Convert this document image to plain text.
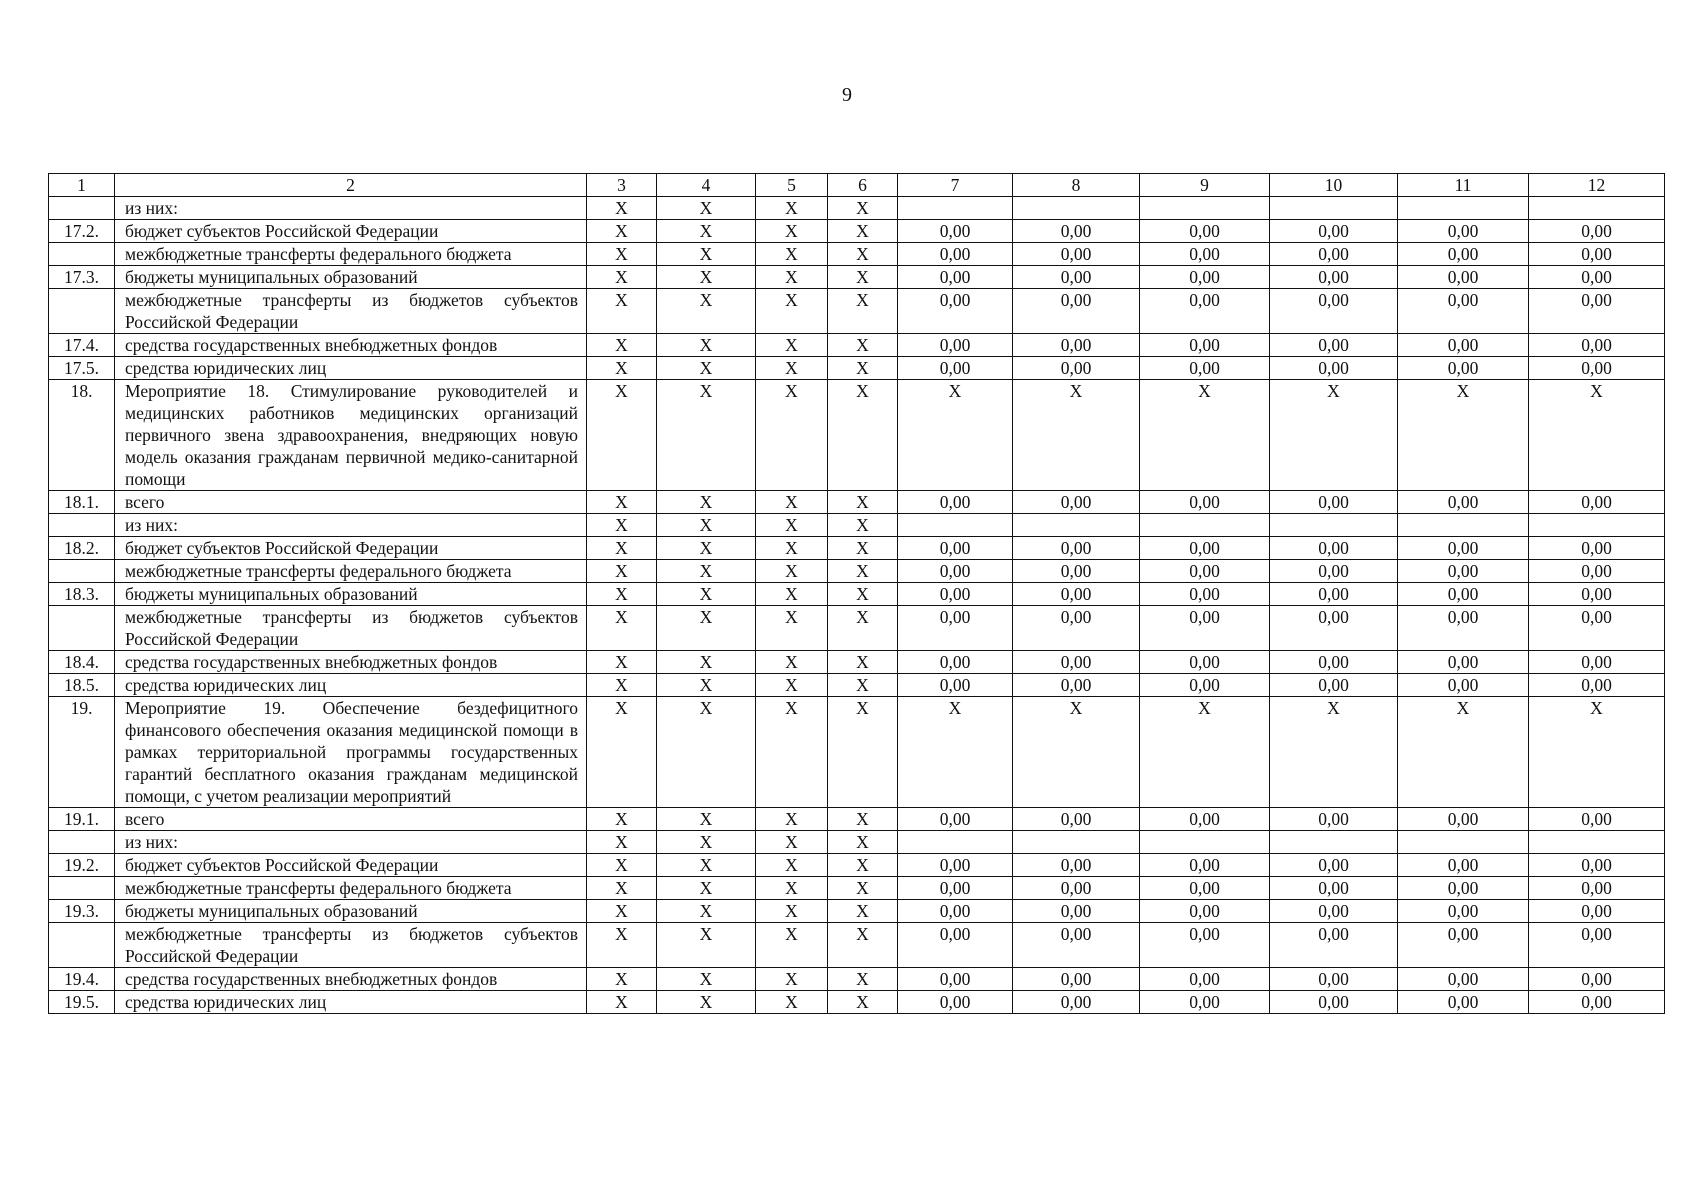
9
1	2	3	4	5	6	7	8	9	10	11	12
	из них:	X	X	X	X						
17.2.	бюджет субъектов Российской Федерации	X	X	X	X	0,00	0,00	0,00	0,00	0,00	0,00
	межбюджетные трансферты федерального бюджета	X	X	X	X	0,00	0,00	0,00	0,00	0,00	0,00
17.3.	бюджеты муниципальных образований	X	X	X	X	0,00	0,00	0,00	0,00	0,00	0,00
	межбюджетные трансферты из бюджетов субъектов Российской Федерации	X	X	X	X	0,00	0,00	0,00	0,00	0,00	0,00
17.4.	средства государственных внебюджетных фондов	X	X	X	X	0,00	0,00	0,00	0,00	0,00	0,00
17.5.	средства юридических лиц	X	X	X	X	0,00	0,00	0,00	0,00	0,00	0,00
18.	Мероприятие 18. Стимулирование руководителей и медицинских работников медицинских организаций первичного звена здравоохранения, внедряющих новую модель оказания гражданам первичной медико-санитарной помощи	X	X	X	X	X	X	X	X	X	X
18.1.	всего	X	X	X	X	0,00	0,00	0,00	0,00	0,00	0,00
	из них:	X	X	X	X						
18.2.	бюджет субъектов Российской Федерации	X	X	X	X	0,00	0,00	0,00	0,00	0,00	0,00
	межбюджетные трансферты федерального бюджета	X	X	X	X	0,00	0,00	0,00	0,00	0,00	0,00
18.3.	бюджеты муниципальных образований	X	X	X	X	0,00	0,00	0,00	0,00	0,00	0,00
	межбюджетные трансферты из бюджетов субъектов Российской Федерации	X	X	X	X	0,00	0,00	0,00	0,00	0,00	0,00
18.4.	средства государственных внебюджетных фондов	X	X	X	X	0,00	0,00	0,00	0,00	0,00	0,00
18.5.	средства юридических лиц	X	X	X	X	0,00	0,00	0,00	0,00	0,00	0,00
19.	Мероприятие 19. Обеспечение бездефицитного финансового обеспечения оказания медицинской помощи в рамках территориальной программы государственных гарантий бесплатного оказания гражданам медицинской помощи, с учетом реализации мероприятий	X	X	X	X	X	X	X	X	X	X
19.1.	всего	X	X	X	X	0,00	0,00	0,00	0,00	0,00	0,00
	из них:	X	X	X	X						
19.2.	бюджет субъектов Российской Федерации	X	X	X	X	0,00	0,00	0,00	0,00	0,00	0,00
	межбюджетные трансферты федерального бюджета	X	X	X	X	0,00	0,00	0,00	0,00	0,00	0,00
19.3.	бюджеты муниципальных образований	X	X	X	X	0,00	0,00	0,00	0,00	0,00	0,00
	межбюджетные трансферты из бюджетов субъектов Российской Федерации	X	X	X	X	0,00	0,00	0,00	0,00	0,00	0,00
19.4.	средства государственных внебюджетных фондов	X	X	X	X	0,00	0,00	0,00	0,00	0,00	0,00
19.5.	средства юридических лиц	X	X	X	X	0,00	0,00	0,00	0,00	0,00	0,00
